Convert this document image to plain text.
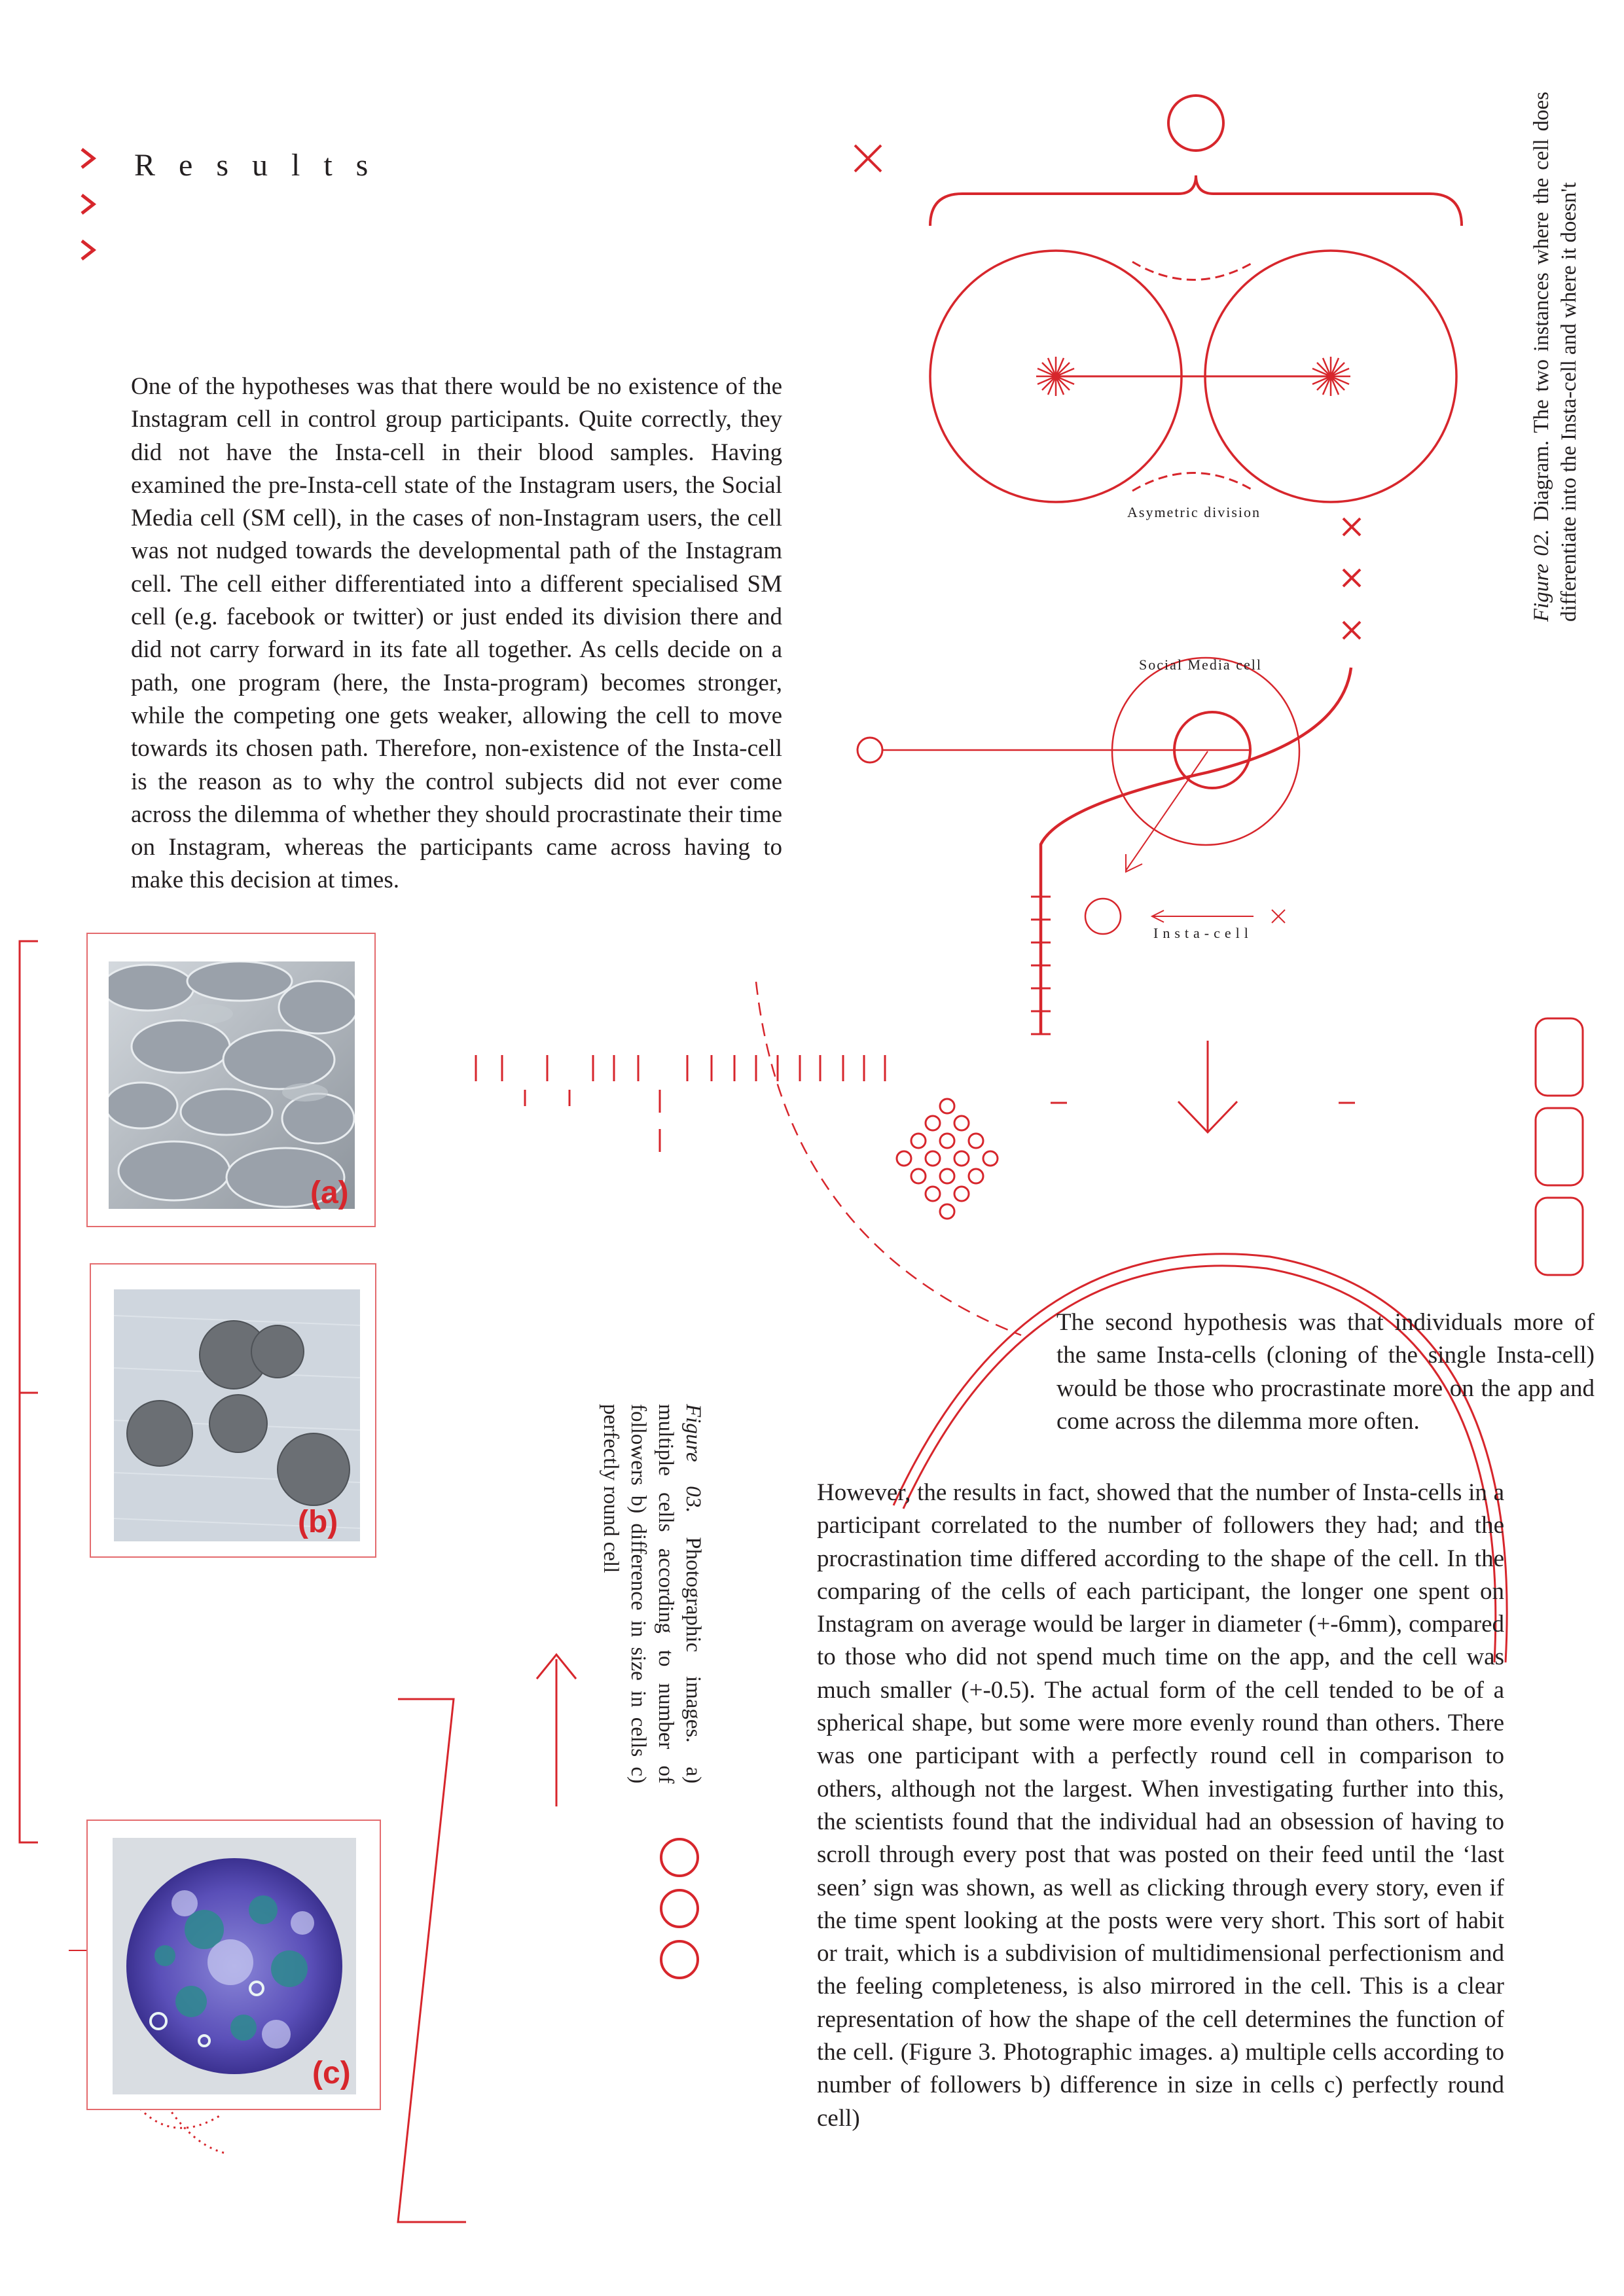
Results
One of the hypotheses was that there would be no existence of the Instagram cell in control group participants. Quite correctly, they did not have the Insta-cell in their blood samples. Having examined the pre-Insta-cell state of the Instagram users, the Social Media cell (SM cell), in the cases of non-Instagram users, the cell was not nudged towards the developmental path of the Instagram cell. The cell either differentiated into a different specialised SM cell (e.g. facebook or twitter) or just ended its division there and did not carry forward in its fate all together. As cells decide on a path, one program (here, the Insta-program) becomes stronger, while the competing one gets weaker, allowing the cell to move towards its chosen path. Therefore, non-existence of the Insta-cell is the reason as to why the control subjects did not ever come across the dilemma of whether they should procrastinate their time on Instagram, whereas the participants came across having to make this decision at times.
The second hypothesis was that individuals more of the same Insta-cells (cloning of the single Insta-cell) would be those who procrastinate more on the app and come across the dilemma more often.
However, the results in fact, showed that the number of Insta-cells in a participant correlated to the number of followers they had; and the procrastination time differed according to the shape of the cell. In the comparing of the cells of each participant, the longer one spent on Instagram on average would be larger in diameter (+-6mm), compared to those who did not spend much time on the app, and the cell was much smaller (+-0.5). The actual form of the cell tended to be of a spherical shape, but some were more evenly round than others. There was one participant with a perfectly round cell in comparison to others, although not the largest. When investigating further into this, the scientists found that the individual had an obsession of having to scroll through every post that was posted on their feed until the ‘last seen’ sign was shown, as well as clicking through every story, even if the time spent looking at the posts were very short. This sort of habit or trait, which is a subdivision of multidimensional perfectionism and the feeling completeness, is also mirrored in the cell. This is a clear representation of how the shape of the cell determines the function of the cell. (Figure 3. Photographic images. a) multiple cells according to number of followers b) difference in size in cells c) perfectly round cell)
Asymetric division
Social Media cell
Insta-cell
Figure 02. Diagram. The two instances where the cell does differentiate into the Insta-cell and where it doesn't
Figure 03. Photographic images. a) multiple cells according to number of followers b) difference in size in cells c) perfectly round cell
(a)
(b)
(c)
